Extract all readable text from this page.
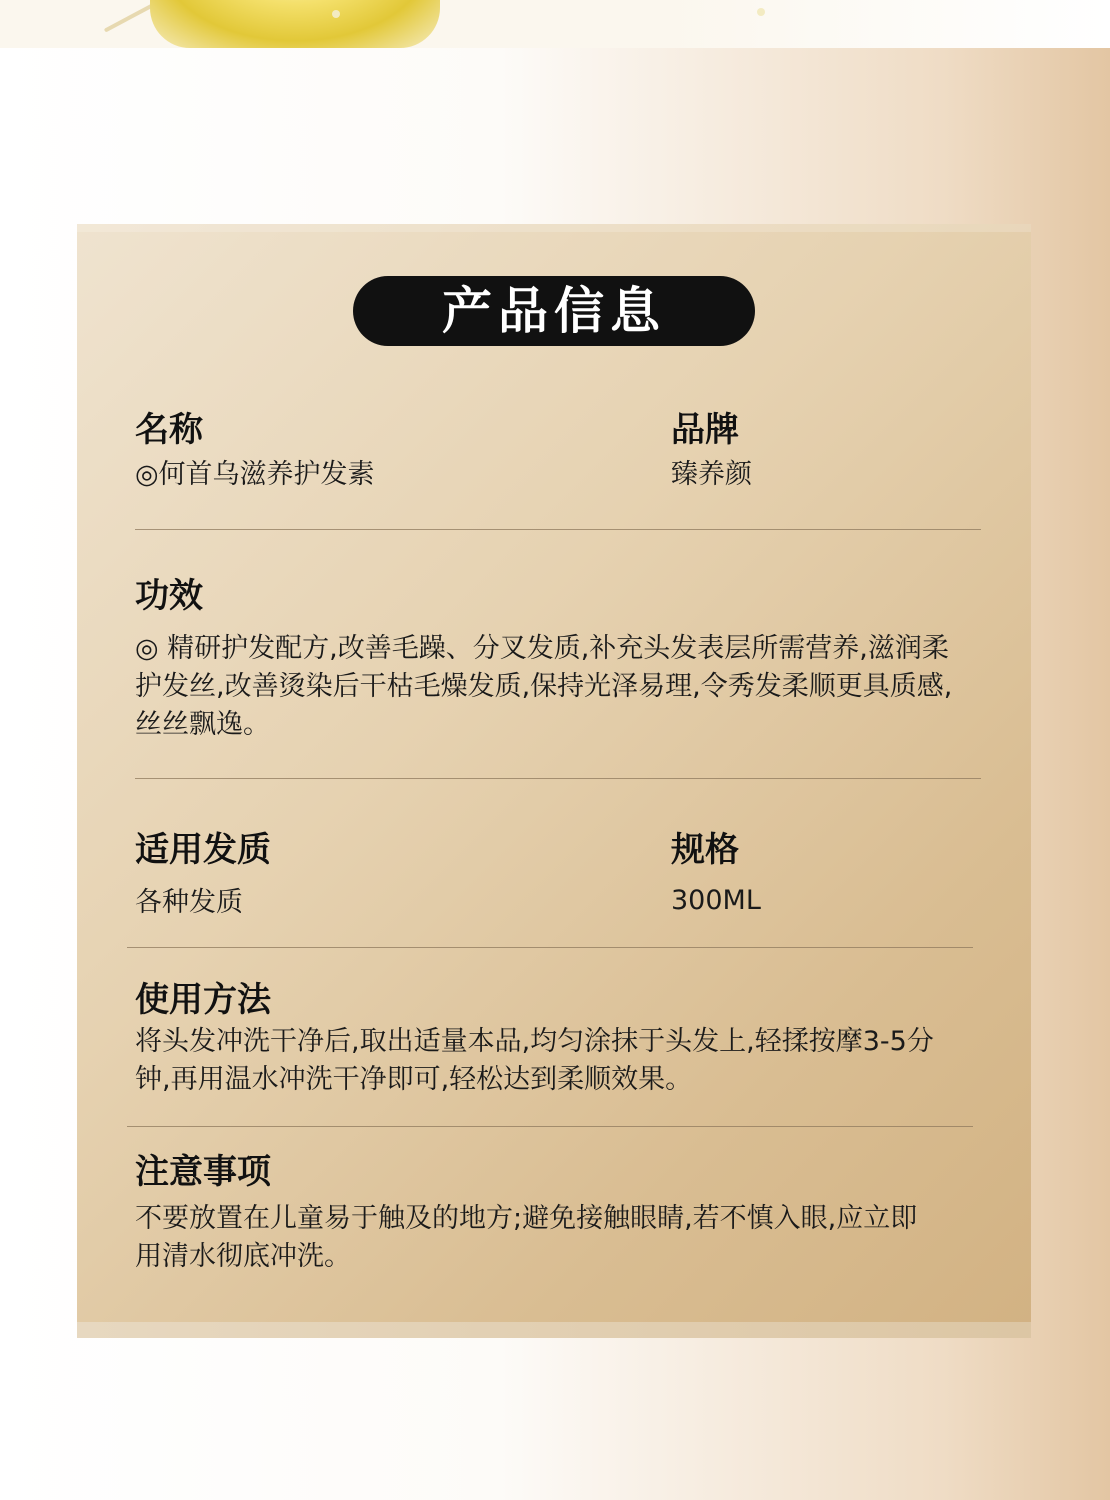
产品信息
名称
◎何首乌滋养护发素
品牌
臻养颜
功效
◎ 精研护发配方,改善毛躁、分叉发质,补充头发表层所需营养,滋润柔护发丝,改善烫染后干枯毛燥发质,保持光泽易理,令秀发柔顺更具质感,丝丝飘逸。
适用发质
各种发质
规格
300ML
使用方法
将头发冲洗干净后,取出适量本品,均匀涂抹于头发上,轻揉按摩3-5分钟,再用温水冲洗干净即可,轻松达到柔顺效果。
注意事项
不要放置在儿童易于触及的地方;避免接触眼睛,若不慎入眼,应立即用清水彻底冲洗。
